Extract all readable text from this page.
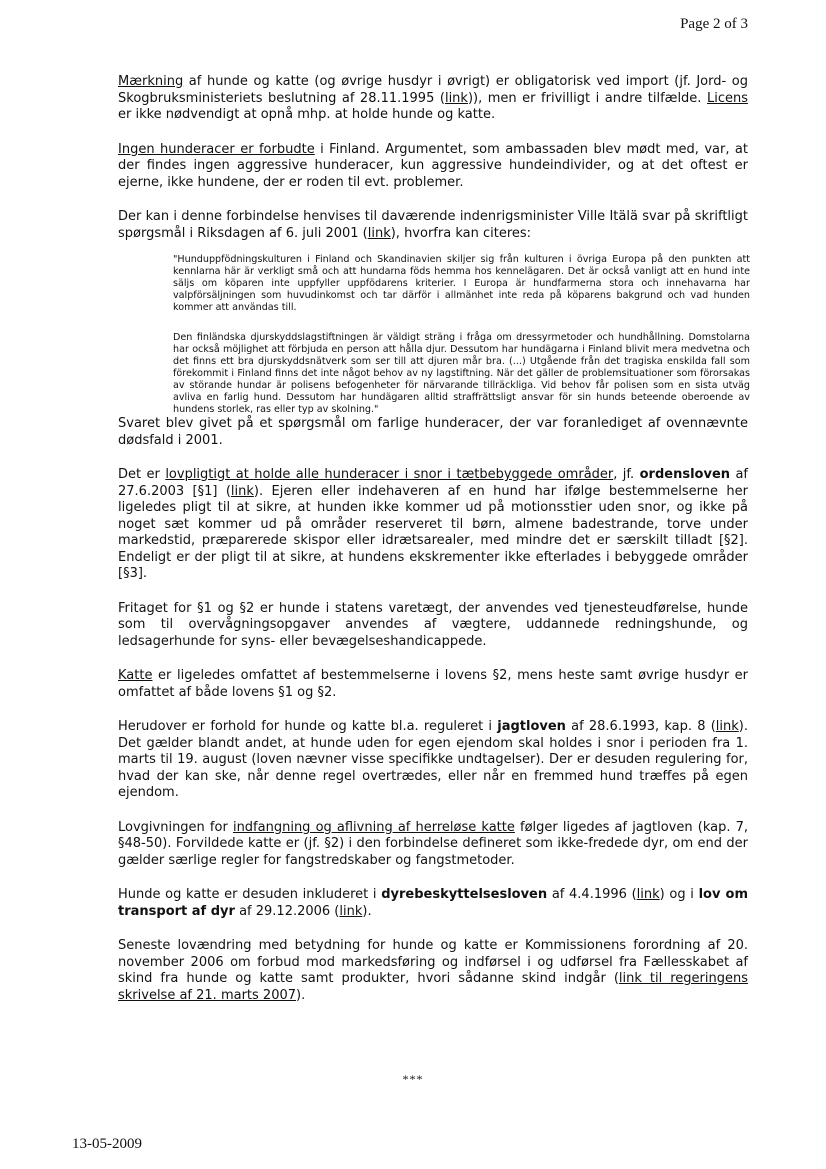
Page 2 of 3

Mærkning af hunde og katte (og øvrige husdyr i øvrigt) er obligatorisk ved import (jf. Jord- og Skogbruksministeriets beslutning af 28.11.1995 (link)), men er frivilligt i andre tilfælde. Licens er ikke nødvendigt at opnå mhp. at holde hunde og katte.

Ingen hunderacer er forbudte i Finland. Argumentet, som ambassaden blev mødt med, var, at der findes ingen aggressive hunderacer, kun aggressive hundeindivider, og at det oftest er ejerne, ikke hundene, der er roden til evt. problemer.

Der kan i denne forbindelse henvises til daværende indenrigsminister Ville Itälä svar på skriftligt spørgsmål i Riksdagen af 6. juli 2001 (link), hvorfra kan citeres:

"Hunduppfödningskulturen i Finland och Skandinavien skiljer sig från kulturen i övriga Europa på den punkten att kennlarna här är verkligt små och att hundarna föds hemma hos kennelägaren. Det är också vanligt att en hund inte säljs om köparen inte uppfyller uppfödarens kriterier. I Europa är hundfarmerna stora och innehavarna har valpförsäljningen som huvudinkomst och tar därför i allmänhet inte reda på köparens bakgrund och vad hunden kommer att användas till.

Den finländska djurskyddslagstiftningen är väldigt sträng i fråga om dressyrmetoder och hundhållning. Domstolarna har också möjlighet att förbjuda en person att hålla djur. Dessutom har hundägarna i Finland blivit mera medvetna och det finns ett bra djurskyddsnätverk som ser till att djuren mår bra. (...) Utgående från det tragiska enskilda fall som förekommit i Finland finns det inte något behov av ny lagstiftning. När det gäller de problemsituationer som förorsakas av störande hundar är polisens befogenheter för närvarande tillräckliga. Vid behov får polisen som en sista utväg avliva en farlig hund. Dessutom har hundägaren alltid straffrättsligt ansvar för sin hunds beteende oberoende av hundens storlek, ras eller typ av skolning."

Svaret blev givet på et spørgsmål om farlige hunderacer, der var foranlediget af ovennævnte dødsfald i 2001.

Det er lovpligtigt at holde alle hunderacer i snor i tætbebyggede områder, jf. ordensloven af 27.6.2003 [§1] (link). Ejeren eller indehaveren af en hund har ifølge bestemmelserne her ligeledes pligt til at sikre, at hunden ikke kommer ud på motionsstier uden snor, og ikke på noget sæt kommer ud på områder reserveret til børn, almene badestrande, torve under markedstid, præparerede skispor eller idrætsarealer, med mindre det er særskilt tilladt [§2]. Endeligt er der pligt til at sikre, at hundens ekskrementer ikke efterlades i bebyggede områder [§3].

Fritaget for §1 og §2 er hunde i statens varetægt, der anvendes ved tjenesteudførelse, hunde som til overvågningsopgaver anvendes af vægtere, uddannede redningshunde, og ledsagerhunde for syns- eller bevægelseshandicappede.

Katte er ligeledes omfattet af bestemmelserne i lovens §2, mens heste samt øvrige husdyr er omfattet af både lovens §1 og §2.

Herudover er forhold for hunde og katte bl.a. reguleret i jagtloven af 28.6.1993, kap. 8 (link). Det gælder blandt andet, at hunde uden for egen ejendom skal holdes i snor i perioden fra 1. marts til 19. august (loven nævner visse specifikke undtagelser). Der er desuden regulering for, hvad der kan ske, når denne regel overtrædes, eller når en fremmed hund træffes på egen ejendom.

Lovgivningen for indfangning og aflivning af herreløse katte følger ligedes af jagtloven (kap. 7, §48-50). Forvildede katte er (jf. §2) i den forbindelse defineret som ikke-fredede dyr, om end der gælder særlige regler for fangstredskaber og fangstmetoder.

Hunde og katte er desuden inkluderet i dyrebeskyttelsesloven af 4.4.1996 (link) og i lov om transport af dyr af 29.12.2006 (link).

Seneste lovændring med betydning for hunde og katte er Kommissionens forordning af 20. november 2006 om forbud mod markedsføring og indførsel i og udførsel fra Fællesskabet af skind fra hunde og katte samt produkter, hvori sådanne skind indgår (link til regeringens skrivelse af 21. marts 2007).

***
13-05-2009
